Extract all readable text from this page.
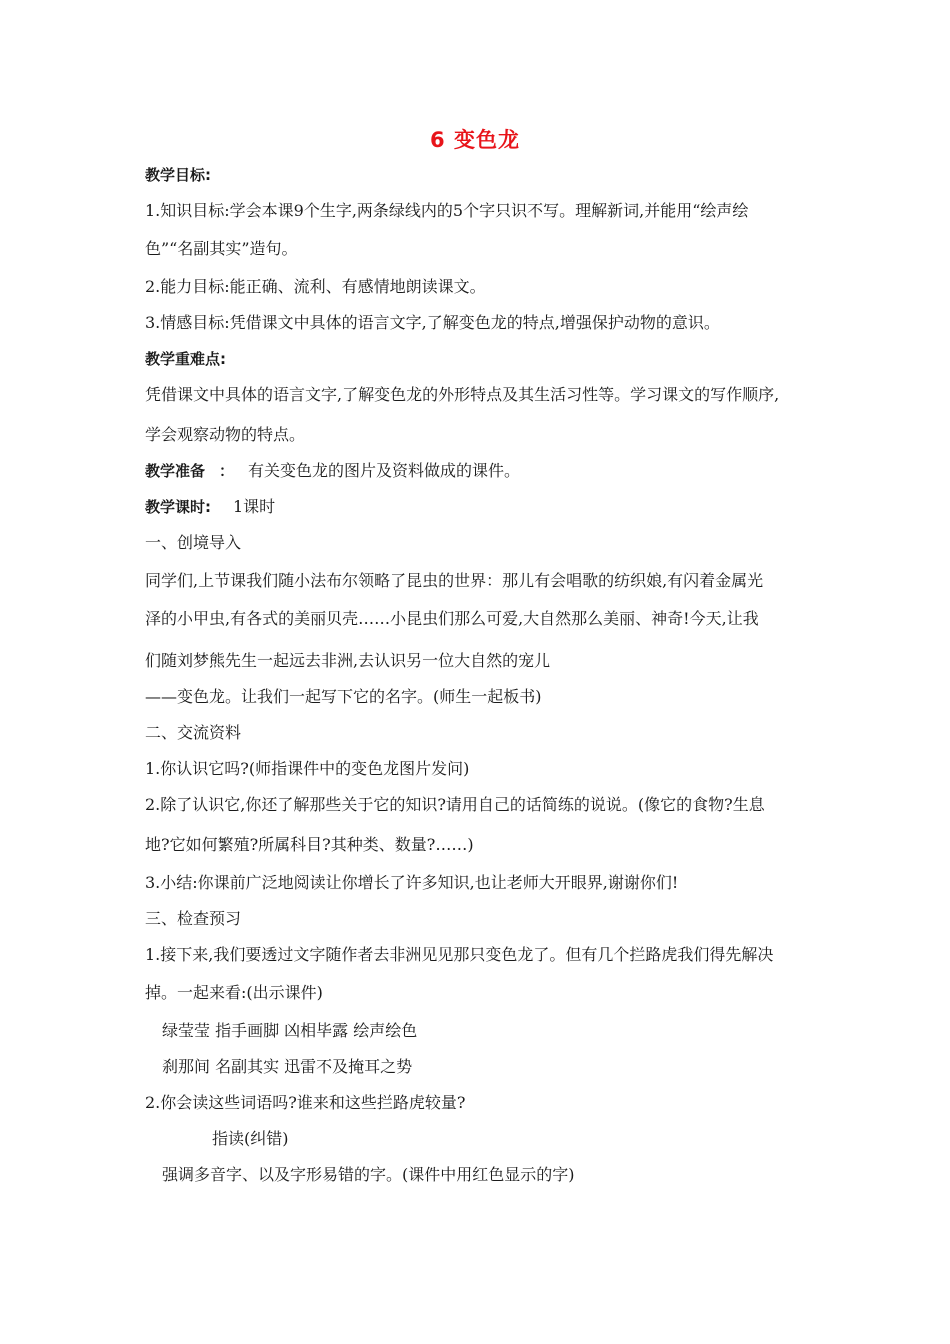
6 变色龙
教学目标:
1.知识目标:学会本课9个生字,两条绿线内的5个字只识不写。理解新词,并能用“绘声绘
色”“名副其实”造句。
2.能力目标:能正确、流利、有感情地朗读课文。
3.情感目标:凭借课文中具体的语言文字,了解变色龙的特点,增强保护动物的意识。
教学重难点:
凭借课文中具体的语言文字,了解变色龙的外形特点及其生活习性等。学习课文的写作顺序,
学会观察动物的特点。
教学准备 ： 有关变色龙的图片及资料做成的课件。
教学课时: 1课时
一、创境导入
同学们,上节课我们随小法布尔领略了昆虫的世界：那儿有会唱歌的纺织娘,有闪着金属光
泽的小甲虫,有各式的美丽贝壳……小昆虫们那么可爱,大自然那么美丽、神奇!今天,让我
们随刘梦熊先生一起远去非洲,去认识另一位大自然的宠儿
——变色龙。让我们一起写下它的名字。(师生一起板书)
二、交流资料
1.你认识它吗?(师指课件中的变色龙图片发问)
2.除了认识它,你还了解那些关于它的知识?请用自己的话简练的说说。(像它的食物?生息
地?它如何繁殖?所属科目?其种类、数量?……)
3.小结:你课前广泛地阅读让你增长了许多知识,也让老师大开眼界,谢谢你们!
三、检查预习
1.接下来,我们要透过文字随作者去非洲见见那只变色龙了。但有几个拦路虎我们得先解决
掉。一起来看:(出示课件)
绿莹莹 指手画脚 凶相毕露 绘声绘色
刹那间 名副其实 迅雷不及掩耳之势
2.你会读这些词语吗?谁来和这些拦路虎较量?
指读(纠错)
强调多音字、以及字形易错的字。(课件中用红色显示的字)
